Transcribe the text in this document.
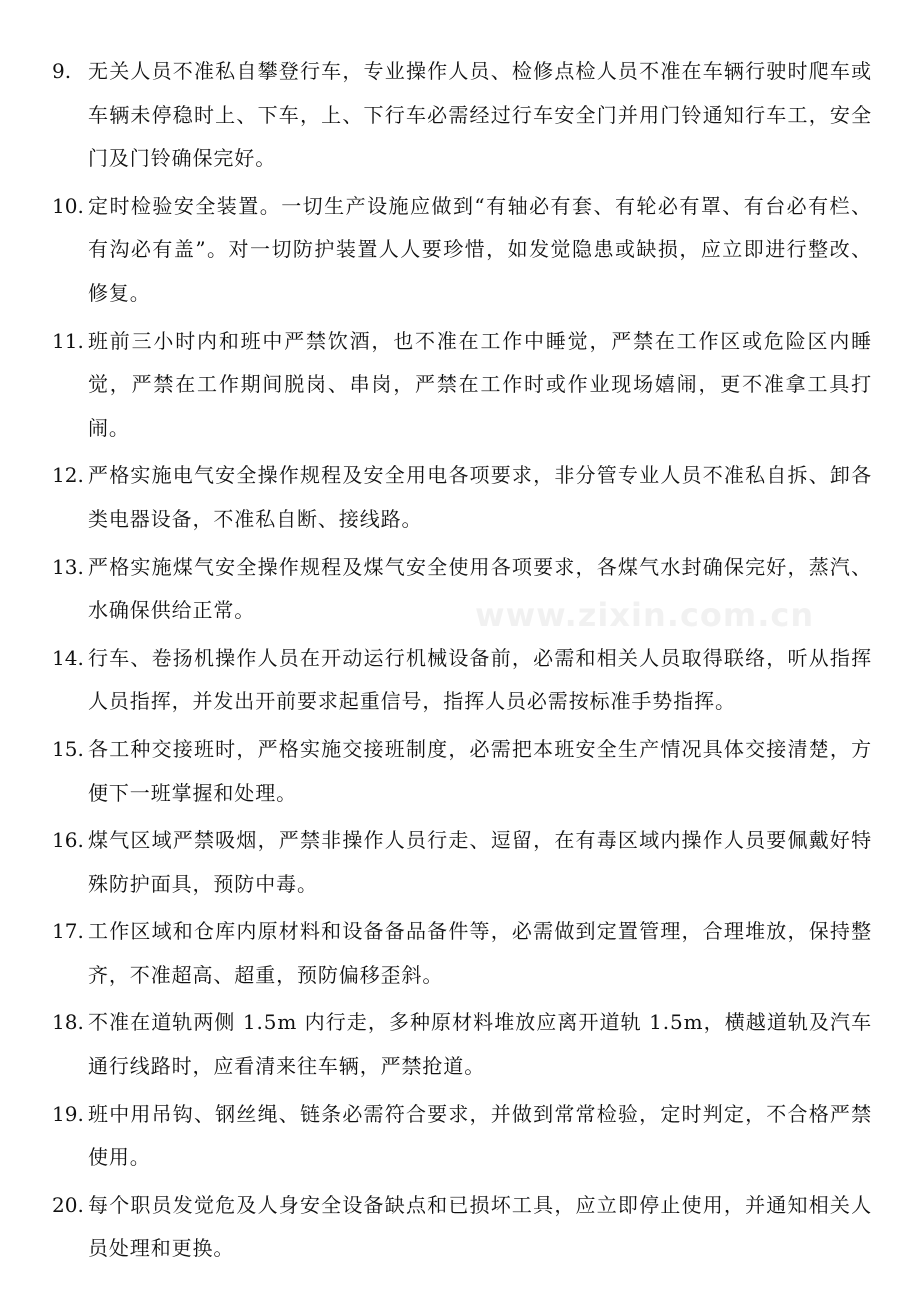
9. 无关人员不准私自攀登行车，专业操作人员、检修点检人员不准在车辆行驶时爬车或车辆未停稳时上、下车，上、下行车必需经过行车安全门并用门铃通知行车工，安全门及门铃确保完好。
10. 定时检验安全装置。一切生产设施应做到“有轴必有套、有轮必有罩、有台必有栏、有沟必有盖”。对一切防护装置人人要珍惜，如发觉隐患或缺损，应立即进行整改、修复。
11. 班前三小时内和班中严禁饮酒，也不准在工作中睡觉，严禁在工作区或危险区内睡觉，严禁在工作期间脱岗、串岗，严禁在工作时或作业现场嬉闹，更不准拿工具打闹。
12. 严格实施电气安全操作规程及安全用电各项要求，非分管专业人员不准私自拆、卸各类电器设备，不准私自断、接线路。
13. 严格实施煤气安全操作规程及煤气安全使用各项要求，各煤气水封确保完好，蒸汽、水确保供给正常。
14. 行车、卷扬机操作人员在开动运行机械设备前，必需和相关人员取得联络，听从指挥人员指挥，并发出开前要求起重信号，指挥人员必需按标准手势指挥。
15. 各工种交接班时，严格实施交接班制度，必需把本班安全生产情况具体交接清楚，方便下一班掌握和处理。
16. 煤气区域严禁吸烟，严禁非操作人员行走、逗留，在有毒区域内操作人员要佩戴好特殊防护面具，预防中毒。
17. 工作区域和仓库内原材料和设备备品备件等，必需做到定置管理，合理堆放，保持整齐，不准超高、超重，预防偏移歪斜。
18. 不准在道轨两侧 1.5m 内行走，多种原材料堆放应离开道轨 1.5m，横越道轨及汽车通行线路时，应看清来往车辆，严禁抢道。
19. 班中用吊钩、钢丝绳、链条必需符合要求，并做到常常检验，定时判定，不合格严禁使用。
20. 每个职员发觉危及人身安全设备缺点和已损坏工具，应立即停止使用，并通知相关人员处理和更换。
www.zixin.com.cn
